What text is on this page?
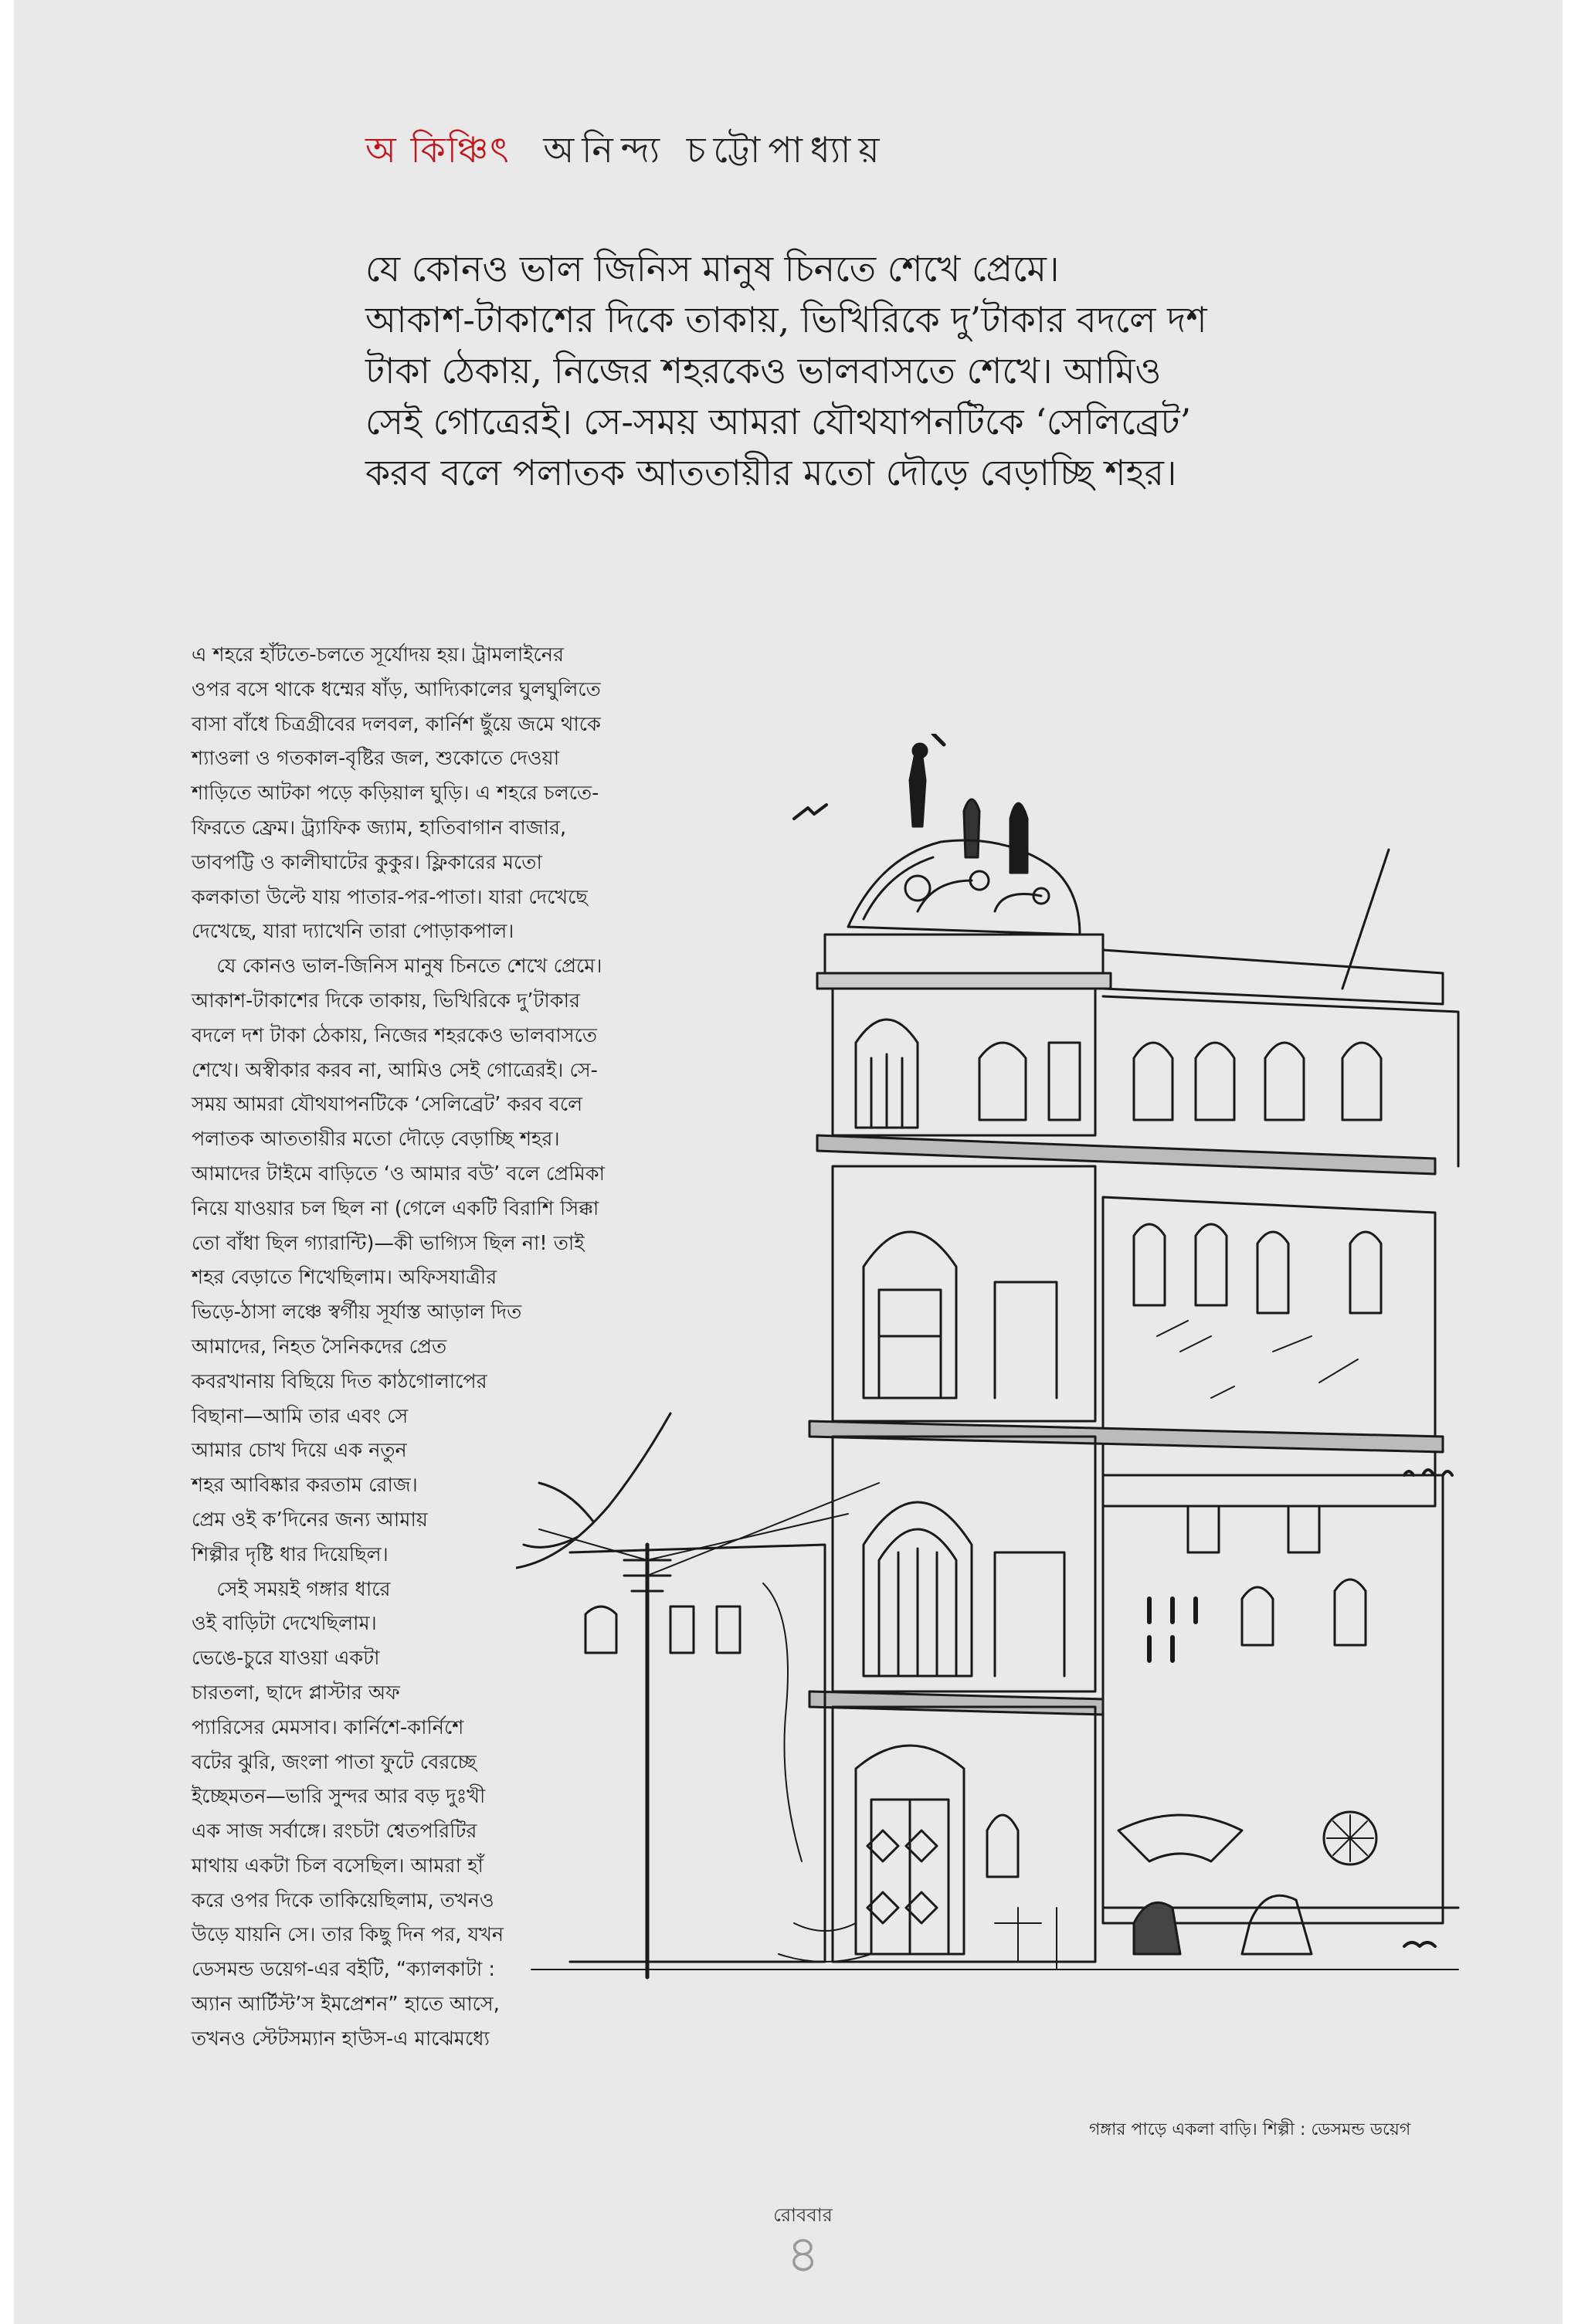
অ কিঞ্চিৎ অনিন্দ্য চট্টোপাধ্যায়
যে কোনও ভাল জিনিস মানুষ চিনতে শেখে প্রেমে।
আকাশ-টাকাশের দিকে তাকায়, ভিখিরিকে দু’টাকার বদলে দশ
টাকা ঠেকায়, নিজের শহরকেও ভালবাসতে শেখে। আমিও
সেই গোত্রেরই। সে-সময় আমরা যৌথযাপনটিকে ‘সেলিব্রেট’
করব বলে পলাতক আততায়ীর মতো দৌড়ে বেড়াচ্ছি শহর।
এ শহরে হাঁটতে-চলতে সূর্যোদয় হয়। ট্রামলাইনের
ওপর বসে থাকে ধম্মের ষাঁড়, আদ্যিকালের ঘুলঘুলিতে
বাসা বাঁধে চিত্রগ্রীবের দলবল, কার্নিশ ছুঁয়ে জমে থাকে
শ্যাওলা ও গতকাল-বৃষ্টির জল, শুকোতে দেওয়া
শাড়িতে আটকা পড়ে কড়িয়াল ঘুড়ি। এ শহরে চলতে-
ফিরতে ফ্রেম। ট্র্যাফিক জ্যাম, হাতিবাগান বাজার,
ডাবপট্টি ও কালীঘাটের কুকুর। ফ্লিকারের মতো
কলকাতা উল্টে যায় পাতার-পর-পাতা। যারা দেখেছে
দেখেছে, যারা দ্যাখেনি তারা পোড়াকপাল।
যে কোনও ভাল-জিনিস মানুষ চিনতে শেখে প্রেমে।
আকাশ-টাকাশের দিকে তাকায়, ভিখিরিকে দু’টাকার
বদলে দশ টাকা ঠেকায়, নিজের শহরকেও ভালবাসতে
শেখে। অস্বীকার করব না, আমিও সেই গোত্রেরই। সে-
সময় আমরা যৌথযাপনটিকে ‘সেলিব্রেট’ করব বলে
পলাতক আততায়ীর মতো দৌড়ে বেড়াচ্ছি শহর।
আমাদের টাইমে বাড়িতে ‘ও আমার বউ’ বলে প্রেমিকা
নিয়ে যাওয়ার চল ছিল না (গেলে একটি বিরাশি সিক্কা
তো বাঁধা ছিল গ্যারান্টি)—কী ভাগ্যিস ছিল না! তাই
শহর বেড়াতে শিখেছিলাম। অফিসযাত্রীর
ভিড়ে-ঠাসা লঞ্চে স্বর্গীয় সূর্যাস্ত আড়াল দিত
আমাদের, নিহত সৈনিকদের প্রেত
কবরখানায় বিছিয়ে দিত কাঠগোলাপের
বিছানা—আমি তার এবং সে
আমার চোখ দিয়ে এক নতুন
শহর আবিষ্কার করতাম রোজ।
প্রেম ওই ক’দিনের জন্য আমায়
শিল্পীর দৃষ্টি ধার দিয়েছিল।
সেই সময়ই গঙ্গার ধারে
ওই বাড়িটা দেখেছিলাম।
ভেঙে-চুরে যাওয়া একটা
চারতলা, ছাদে প্লাস্টার অফ
প্যারিসের মেমসাব। কার্নিশে-কার্নিশে
বটের ঝুরি, জংলা পাতা ফুটে বেরচ্ছে
ইচ্ছেমতন—ভারি সুন্দর আর বড় দুঃখী
এক সাজ সর্বাঙ্গে। রংচটা শ্বেতপরিটির
মাথায় একটা চিল বসেছিল। আমরা হাঁ
করে ওপর দিকে তাকিয়েছিলাম, তখনও
উড়ে যায়নি সে। তার কিছু দিন পর, যখন
ডেসমন্ড ডয়েগ-এর বইটি, “ক্যালকাটা :
অ্যান আর্টিস্ট’স ইমপ্রেশন” হাতে আসে,
তখনও স্টেটসম্যান হাউস-এ মাঝেমধ্যে
গঙ্গার পাড়ে একলা বাড়ি। শিল্পী : ডেসমন্ড ডয়েগ
রোববার
৪
